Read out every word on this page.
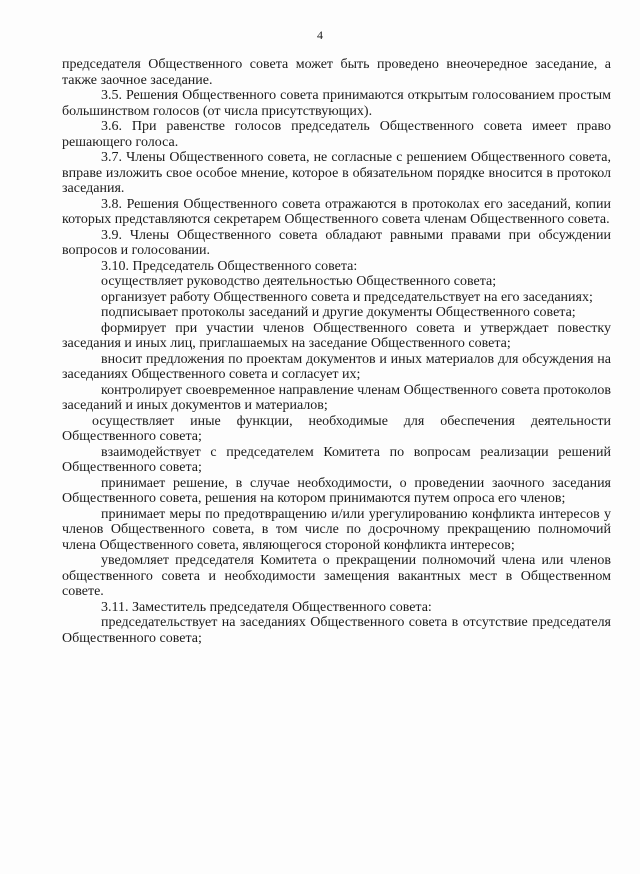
4

председателя Общественного совета может быть проведено внеочередное заседание, а также заочное заседание.

3.5. Решения Общественного совета принимаются открытым голосованием простым большинством голосов (от числа присутствующих).

3.6. При равенстве голосов председатель Общественного совета имеет право решающего голоса.

3.7. Члены Общественного совета, не согласные с решением Общественного совета, вправе изложить свое особое мнение, которое в обязательном порядке вносится в протокол заседания.

3.8. Решения Общественного совета отражаются в протоколах его заседаний, копии которых представляются секретарем Общественного совета членам Общественного совета.

3.9. Члены Общественного совета обладают равными правами при обсуждении вопросов и голосовании.

3.10. Председатель Общественного совета:

осуществляет руководство деятельностью Общественного совета;

организует работу Общественного совета и председательствует на его заседаниях;

подписывает протоколы заседаний и другие документы Общественного совета;

формирует при участии членов Общественного совета и утверждает повестку заседания и иных лиц, приглашаемых на заседание Общественного совета;

вносит предложения по проектам документов и иных материалов для обсуждения на заседаниях Общественного совета и согласует их;

контролирует своевременное направление членам Общественного совета протоколов заседаний и иных документов и материалов;

осуществляет иные функции, необходимые для обеспечения деятельности Общественного совета;

взаимодействует с председателем Комитета по вопросам реализации решений Общественного совета;

принимает решение, в случае необходимости, о проведении заочного заседания Общественного совета, решения на котором принимаются путем опроса его членов;

принимает меры по предотвращению и/или урегулированию конфликта интересов у членов Общественного совета, в том числе по досрочному прекращению полномочий члена Общественного совета, являющегося стороной конфликта интересов;

уведомляет председателя Комитета о прекращении полномочий члена или членов общественного совета и необходимости замещения вакантных мест в Общественном совете.

3.11. Заместитель председателя Общественного совета:

председательствует на заседаниях Общественного совета в отсутствие председателя Общественного совета;
